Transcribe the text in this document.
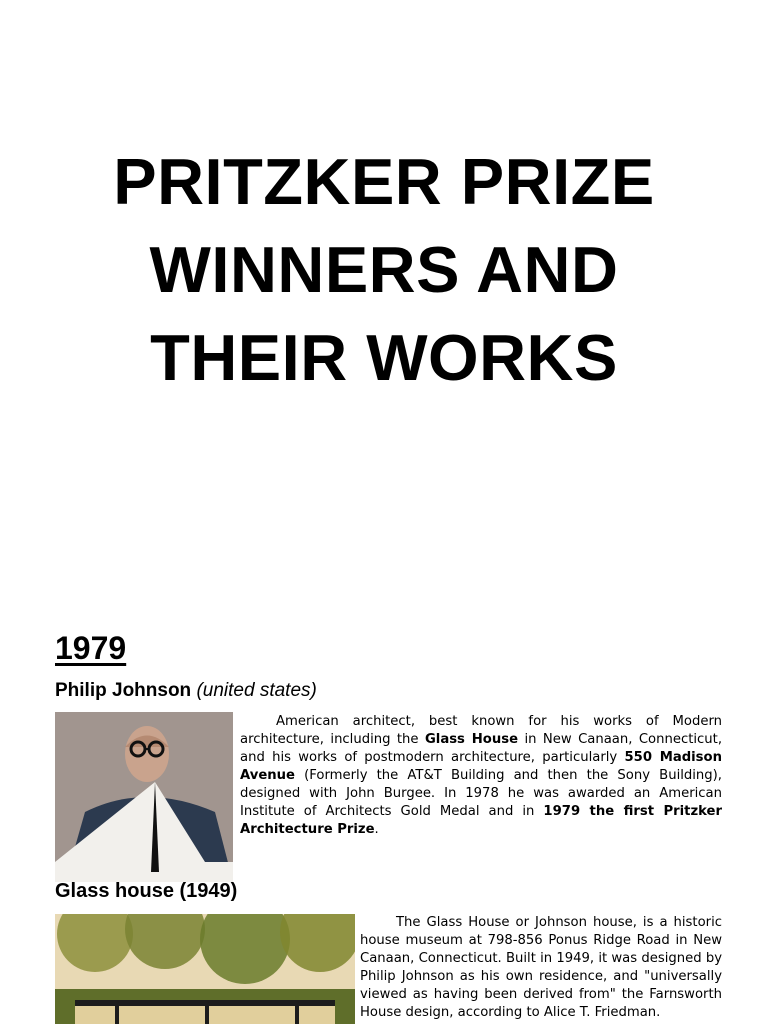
PRITZKER PRIZE
WINNERS AND
THEIR WORKS
1979
Philip Johnson (united states)

American architect, best known for his works of Modern architecture, including the Glass House in New Canaan, Connecticut, and his works of postmodern architecture, particularly 550 Madison Avenue (Formerly the AT&T Building and then the Sony Building), designed with John Burgee. In 1978 he was awarded an American Institute of Architects Gold Medal and in 1979 the first Pritzker Architecture Prize.

Glass house (1949)

The Glass House or Johnson house, is a historic house museum at 798-856 Ponus Ridge Road in New Canaan, Connecticut. Built in 1949, it was designed by Philip Johnson as his own residence, and "universally viewed as having been derived from" the Farnsworth House design, according to Alice T. Friedman.
